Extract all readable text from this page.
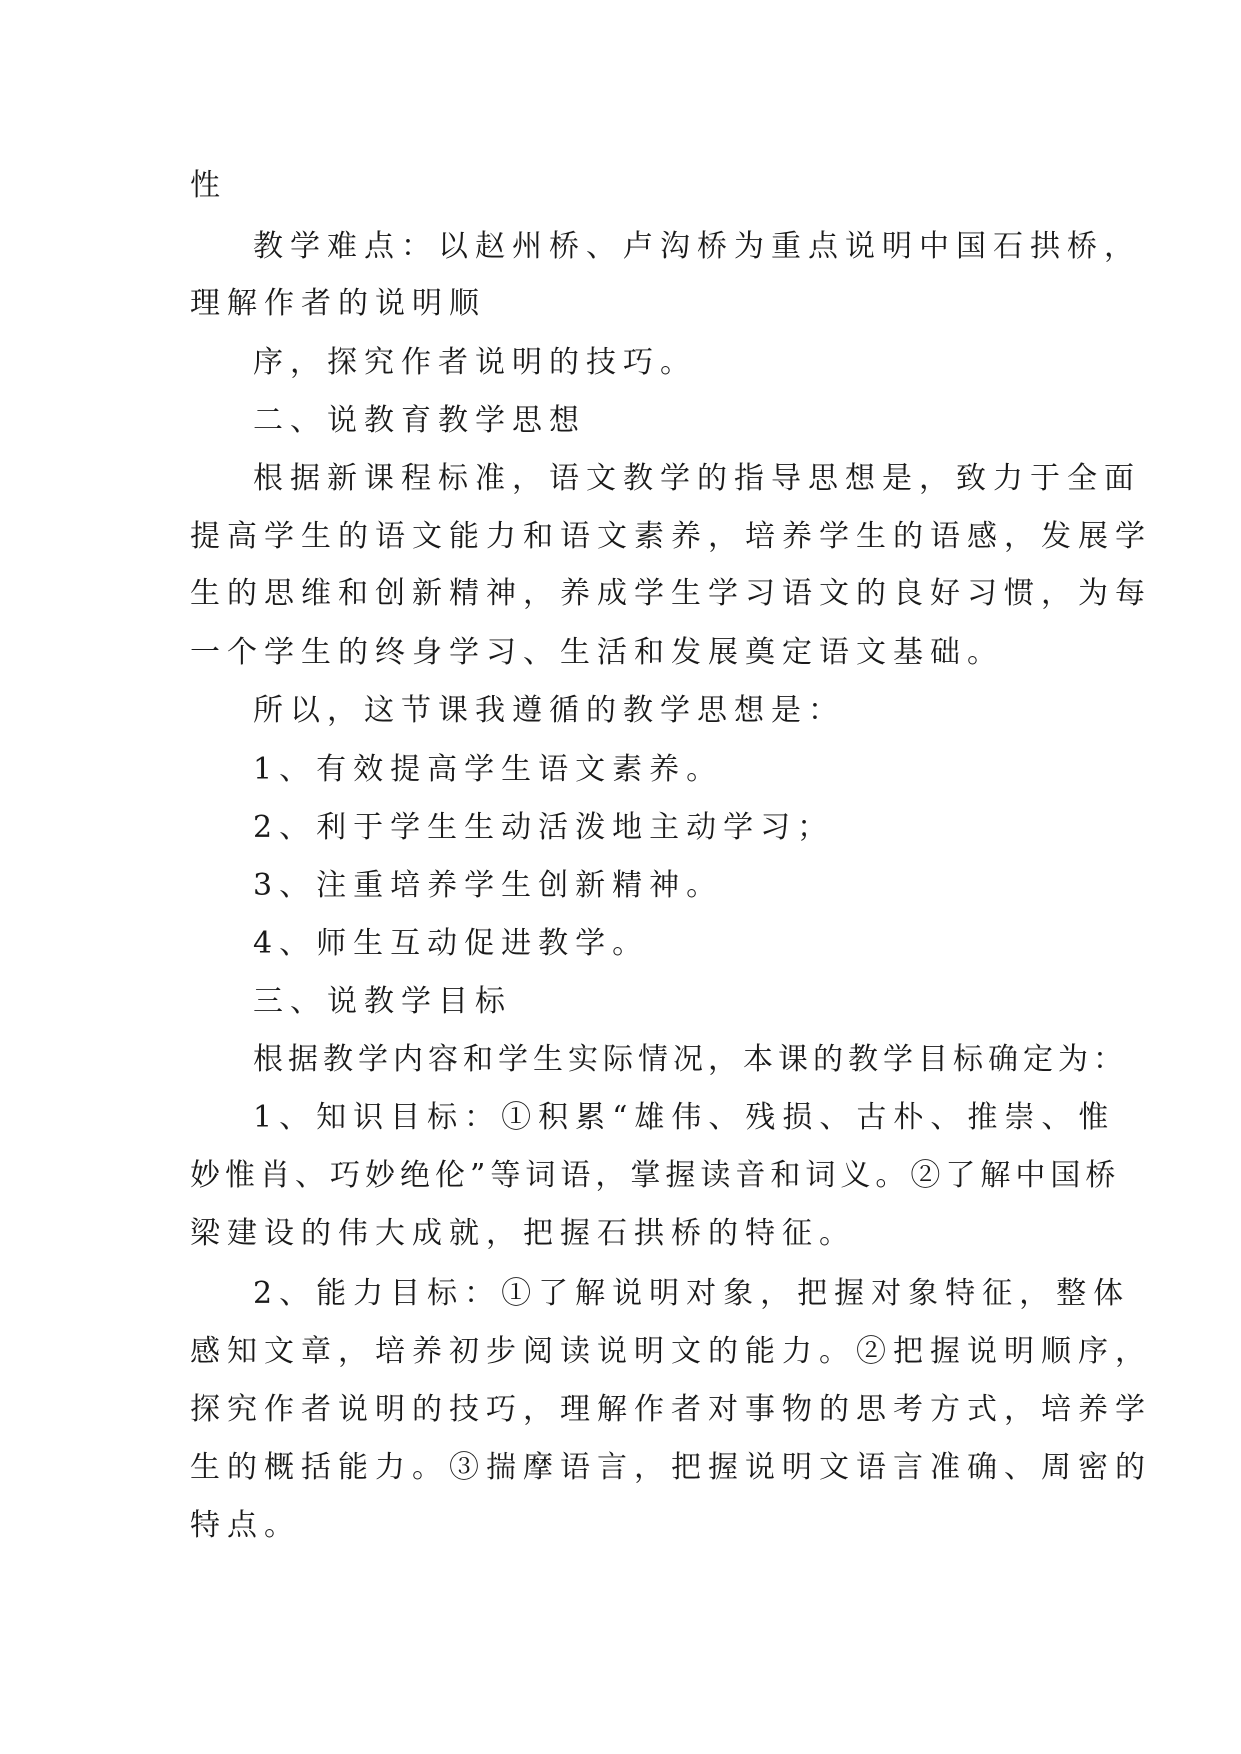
性

教学难点：以赵州桥、卢沟桥为重点说明中国石拱桥，

理解作者的说明顺

序，探究作者说明的技巧。

二、说教育教学思想

根据新课程标准，语文教学的指导思想是，致力于全面

提高学生的语文能力和语文素养，培养学生的语感，发展学

生的思维和创新精神，养成学生学习语文的良好习惯，为每

一个学生的终身学习、生活和发展奠定语文基础。

所以，这节课我遵循的教学思想是：

1、有效提高学生语文素养。

2、利于学生生动活泼地主动学习；

3、注重培养学生创新精神。

4、师生互动促进教学。

三、说教学目标

根据教学内容和学生实际情况，本课的教学目标确定为：

1、知识目标：①积累“雄伟、残损、古朴、推崇、惟

妙惟肖、巧妙绝伦”等词语，掌握读音和词义。②了解中国桥

梁建设的伟大成就，把握石拱桥的特征。

2、能力目标：①了解说明对象，把握对象特征，整体

感知文章，培养初步阅读说明文的能力。②把握说明顺序，

探究作者说明的技巧，理解作者对事物的思考方式，培养学

生的概括能力。③揣摩语言，把握说明文语言准确、周密的

特点。
